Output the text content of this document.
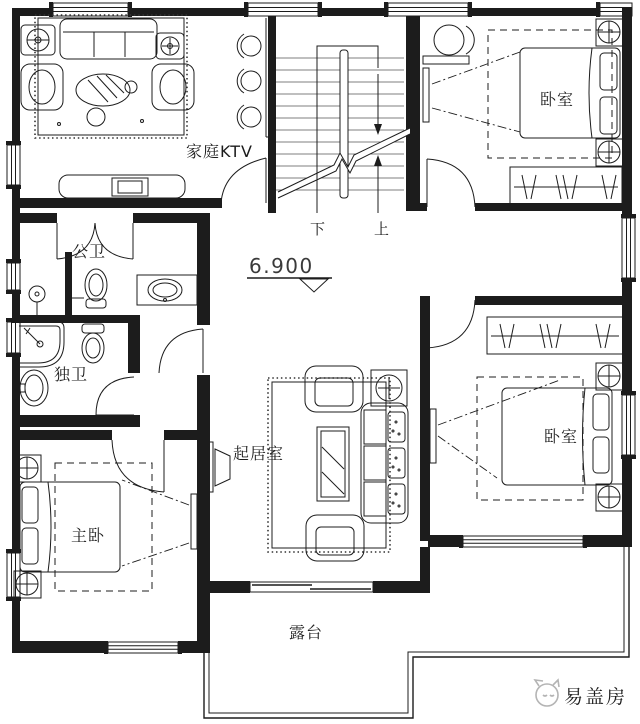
下	上
6.900
家庭KTV
卧室
卧室
主卧
起居室
公卫
独卫
露台
易盖房
